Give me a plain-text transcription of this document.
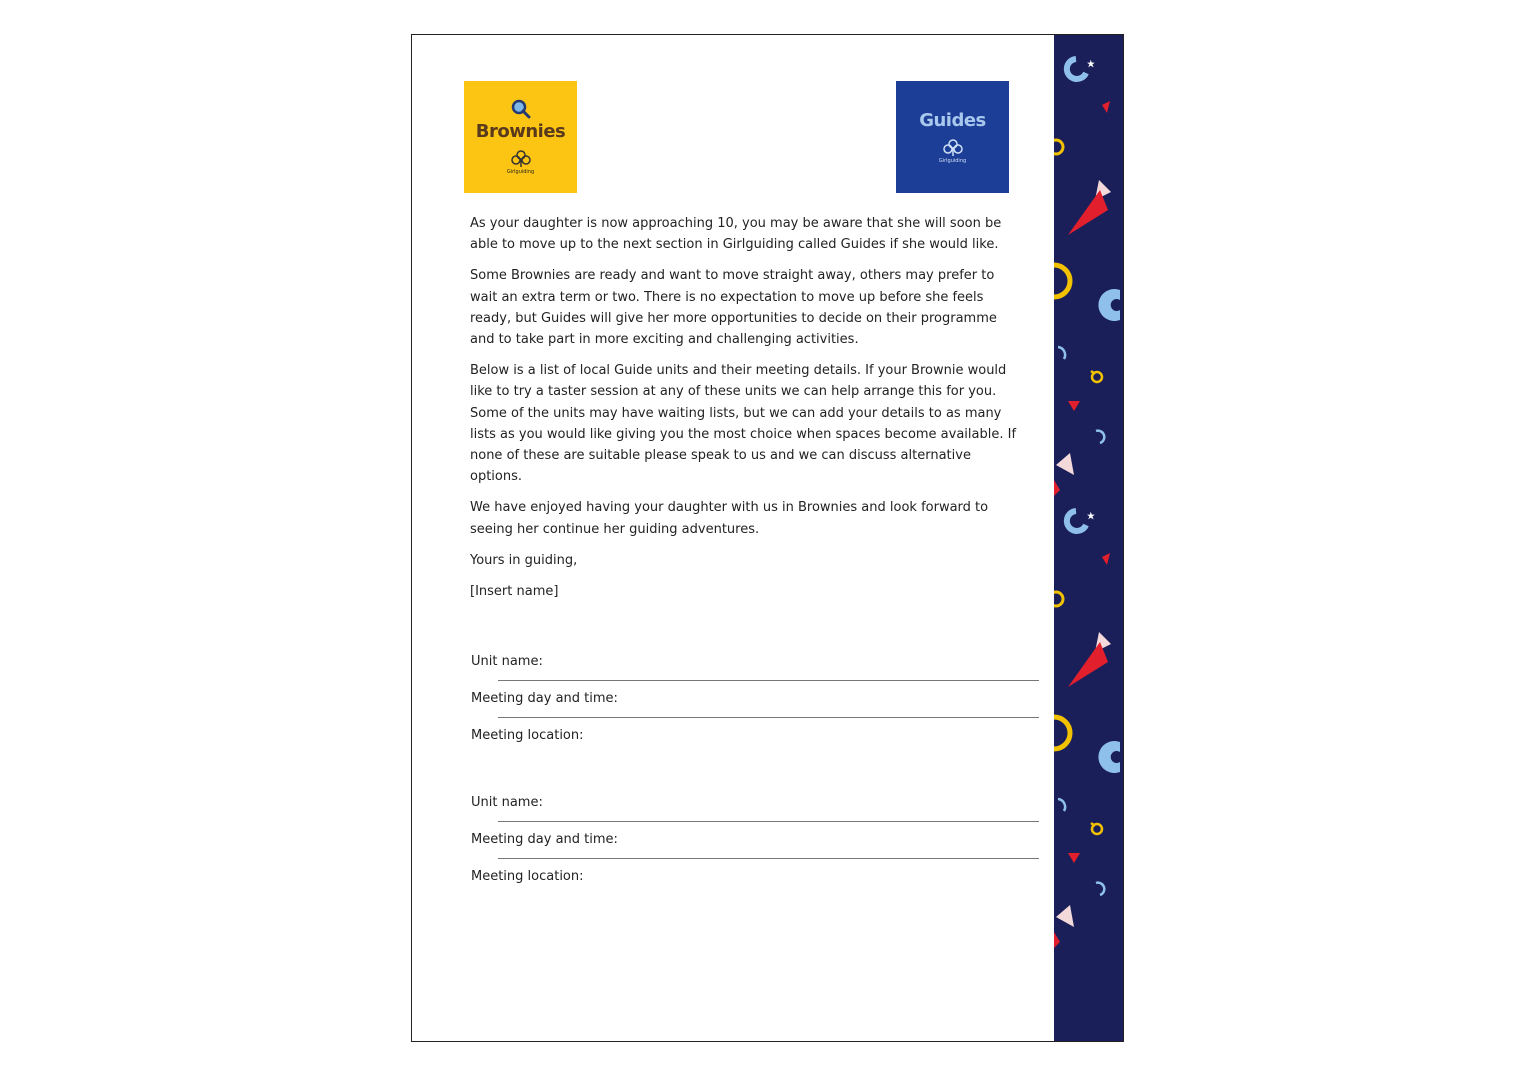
Brownies
Girlguiding
Guides
Girlguiding

As your daughter is now approaching 10, you may be aware that she will soon be able to move up to the next section in Girlguiding called Guides if she would like.

Some Brownies are ready and want to move straight away, others may prefer to wait an extra term or two. There is no expectation to move up before she feels ready, but Guides will give her more opportunities to decide on their programme and to take part in more exciting and challenging activities.

Below is a list of local Guide units and their meeting details. If your Brownie would like to try a taster session at any of these units we can help arrange this for you. Some of the units may have waiting lists, but we can add your details to as many lists as you would like giving you the most choice when spaces become available. If none of these are suitable please speak to us and we can discuss alternative options.

We have enjoyed having your daughter with us in Brownies and look forward to seeing her continue her guiding adventures.

Yours in guiding,

[Insert name]

Unit name:
Meeting day and time:
Meeting location:
Unit name:
Meeting day and time:
Meeting location:
